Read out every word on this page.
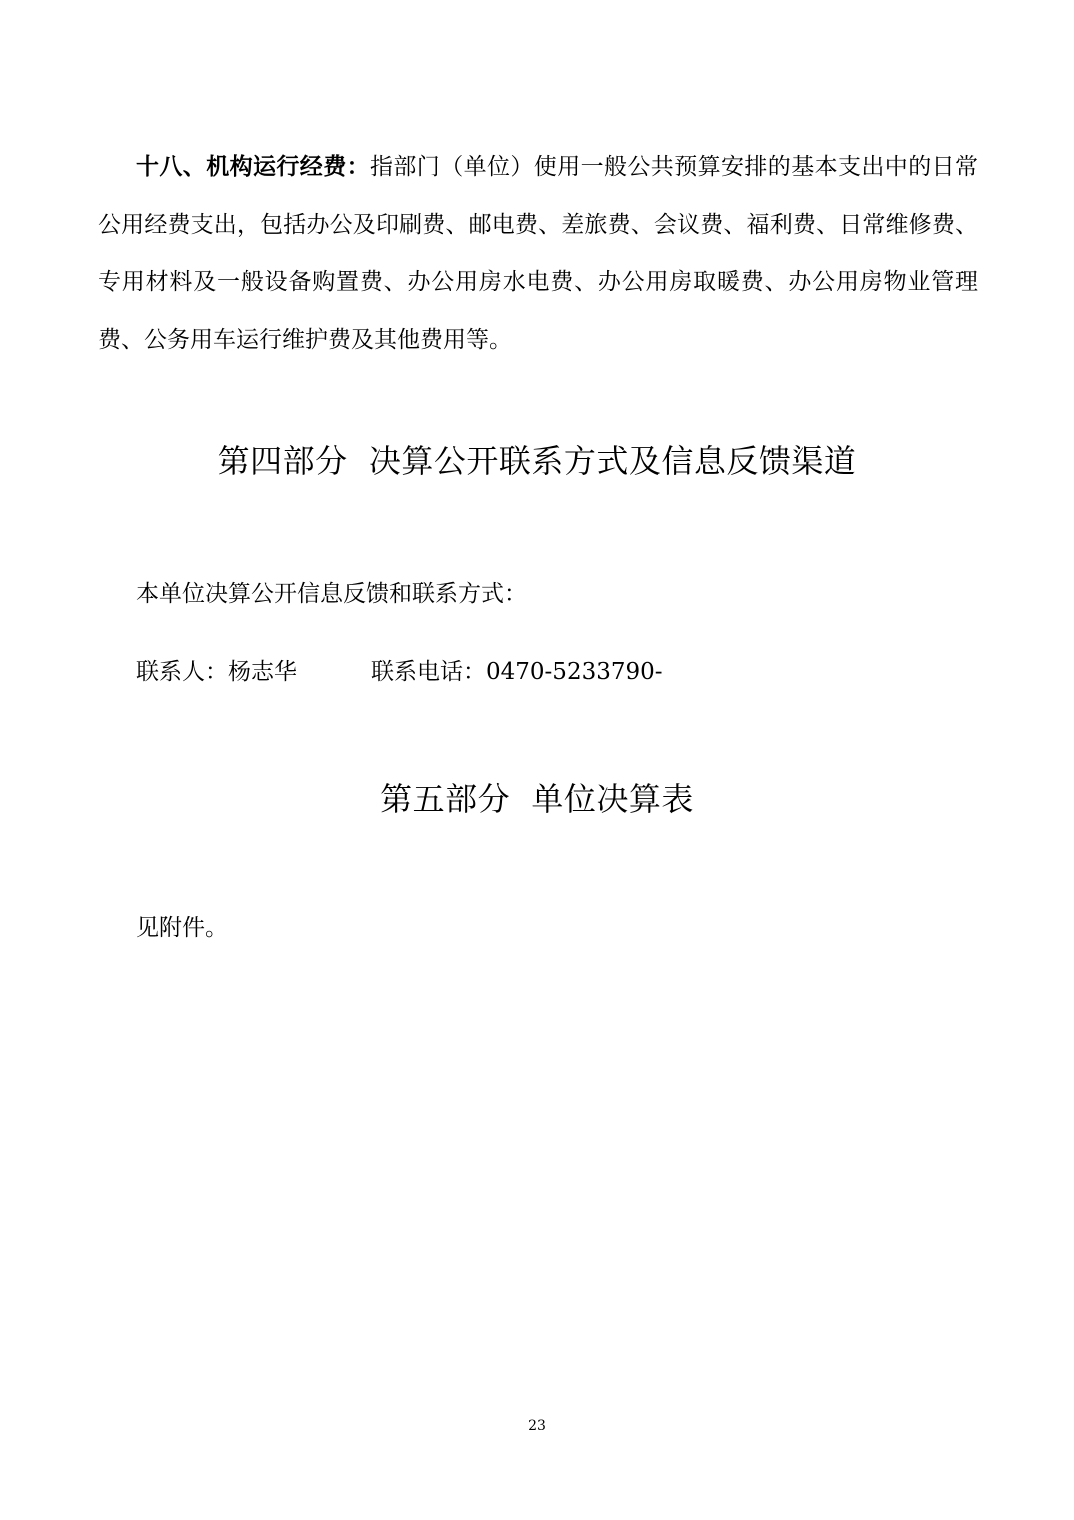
十八、机构运行经费：指部门（单位）使用一般公共预算安排的基本支出中的日常公用经费支出，包括办公及印刷费、邮电费、差旅费、会议费、福利费、日常维修费、专用材料及一般设备购置费、办公用房水电费、办公用房取暖费、办公用房物业管理费、公务用车运行维护费及其他费用等。

第四部分  决算公开联系方式及信息反馈渠道
本单位决算公开信息反馈和联系方式：
联系人：杨志华	联系电话：0470-5233790-
第五部分  单位决算表
见附件。
23
